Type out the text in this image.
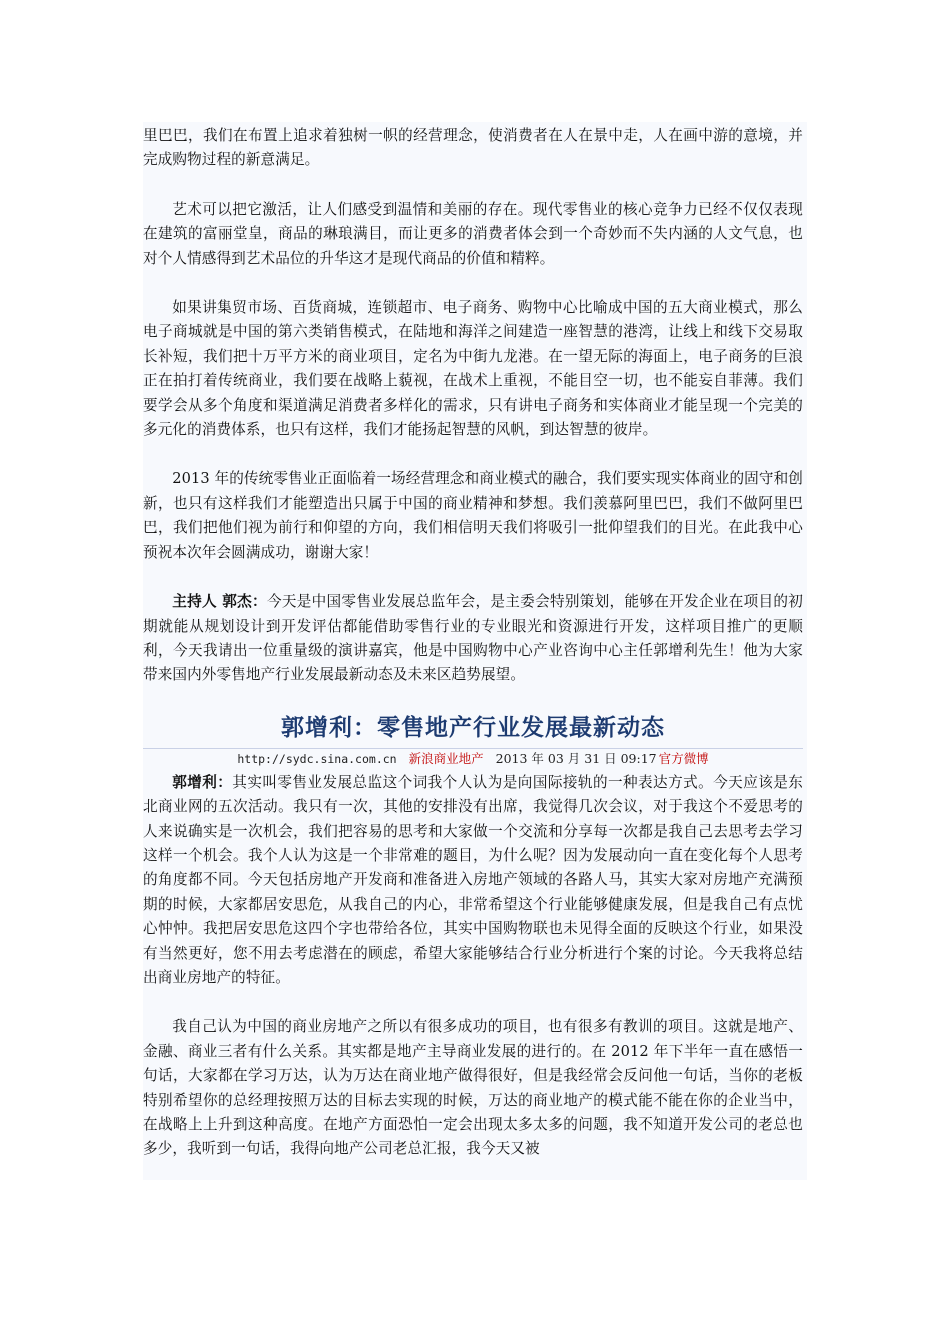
里巴巴，我们在布置上追求着独树一帜的经营理念，使消费者在人在景中走，人在画中游的意境，并完成购物过程的新意满足。

艺术可以把它激活，让人们感受到温情和美丽的存在。现代零售业的核心竞争力已经不仅仅表现在建筑的富丽堂皇，商品的琳琅满目，而让更多的消费者体会到一个奇妙而不失内涵的人文气息，也对个人情感得到艺术品位的升华这才是现代商品的价值和精粹。

如果讲集贸市场、百货商城，连锁超市、电子商务、购物中心比喻成中国的五大商业模式，那么电子商城就是中国的第六类销售模式，在陆地和海洋之间建造一座智慧的港湾，让线上和线下交易取长补短，我们把十万平方米的商业项目，定名为中街九龙港。在一望无际的海面上，电子商务的巨浪正在拍打着传统商业，我们要在战略上藐视，在战术上重视，不能目空一切，也不能妄自菲薄。我们要学会从多个角度和渠道满足消费者多样化的需求，只有讲电子商务和实体商业才能呈现一个完美的多元化的消费体系，也只有这样，我们才能扬起智慧的风帆，到达智慧的彼岸。

2013 年的传统零售业正面临着一场经营理念和商业模式的融合，我们要实现实体商业的固守和创新，也只有这样我们才能塑造出只属于中国的商业精神和梦想。我们羡慕阿里巴巴，我们不做阿里巴巴，我们把他们视为前行和仰望的方向，我们相信明天我们将吸引一批仰望我们的目光。在此我中心预祝本次年会圆满成功，谢谢大家！

主持人 郭杰：今天是中国零售业发展总监年会，是主委会特别策划，能够在开发企业在项目的初期就能从规划设计到开发评估都能借助零售行业的专业眼光和资源进行开发，这样项目推广的更顺利，今天我请出一位重量级的演讲嘉宾，他是中国购物中心产业咨询中心主任郭增利先生！他为大家带来国内外零售地产行业发展最新动态及未来区趋势展望。

郭增利：零售地产行业发展最新动态
http://sydc.sina.com.cn 新浪商业地产 2013 年 03 月 31 日 09:17 官方微博

郭增利：其实叫零售业发展总监这个词我个人认为是向国际接轨的一种表达方式。今天应该是东北商业网的五次活动。我只有一次，其他的安排没有出席，我觉得几次会议，对于我这个不爱思考的人来说确实是一次机会，我们把容易的思考和大家做一个交流和分享每一次都是我自己去思考去学习这样一个机会。我个人认为这是一个非常难的题目，为什么呢？因为发展动向一直在变化每个人思考的角度都不同。今天包括房地产开发商和准备进入房地产领域的各路人马，其实大家对房地产充满预期的时候，大家都居安思危，从我自己的内心，非常希望这个行业能够健康发展，但是我自己有点忧心忡忡。我把居安思危这四个字也带给各位，其实中国购物联也未见得全面的反映这个行业，如果没有当然更好，您不用去考虑潜在的顾虑，希望大家能够结合行业分析进行个案的讨论。今天我将总结出商业房地产的特征。

我自己认为中国的商业房地产之所以有很多成功的项目，也有很多有教训的项目。这就是地产、金融、商业三者有什么关系。其实都是地产主导商业发展的进行的。在 2012 年下半年一直在感悟一句话，大家都在学习万达，认为万达在商业地产做得很好，但是我经常会反问他一句话，当你的老板特别希望你的总经理按照万达的目标去实现的时候，万达的商业地产的模式能不能在你的企业当中，在战略上上升到这种高度。在地产方面恐怕一定会出现太多太多的问题，我不知道开发公司的老总也多少，我听到一句话，我得向地产公司老总汇报，我今天又被
